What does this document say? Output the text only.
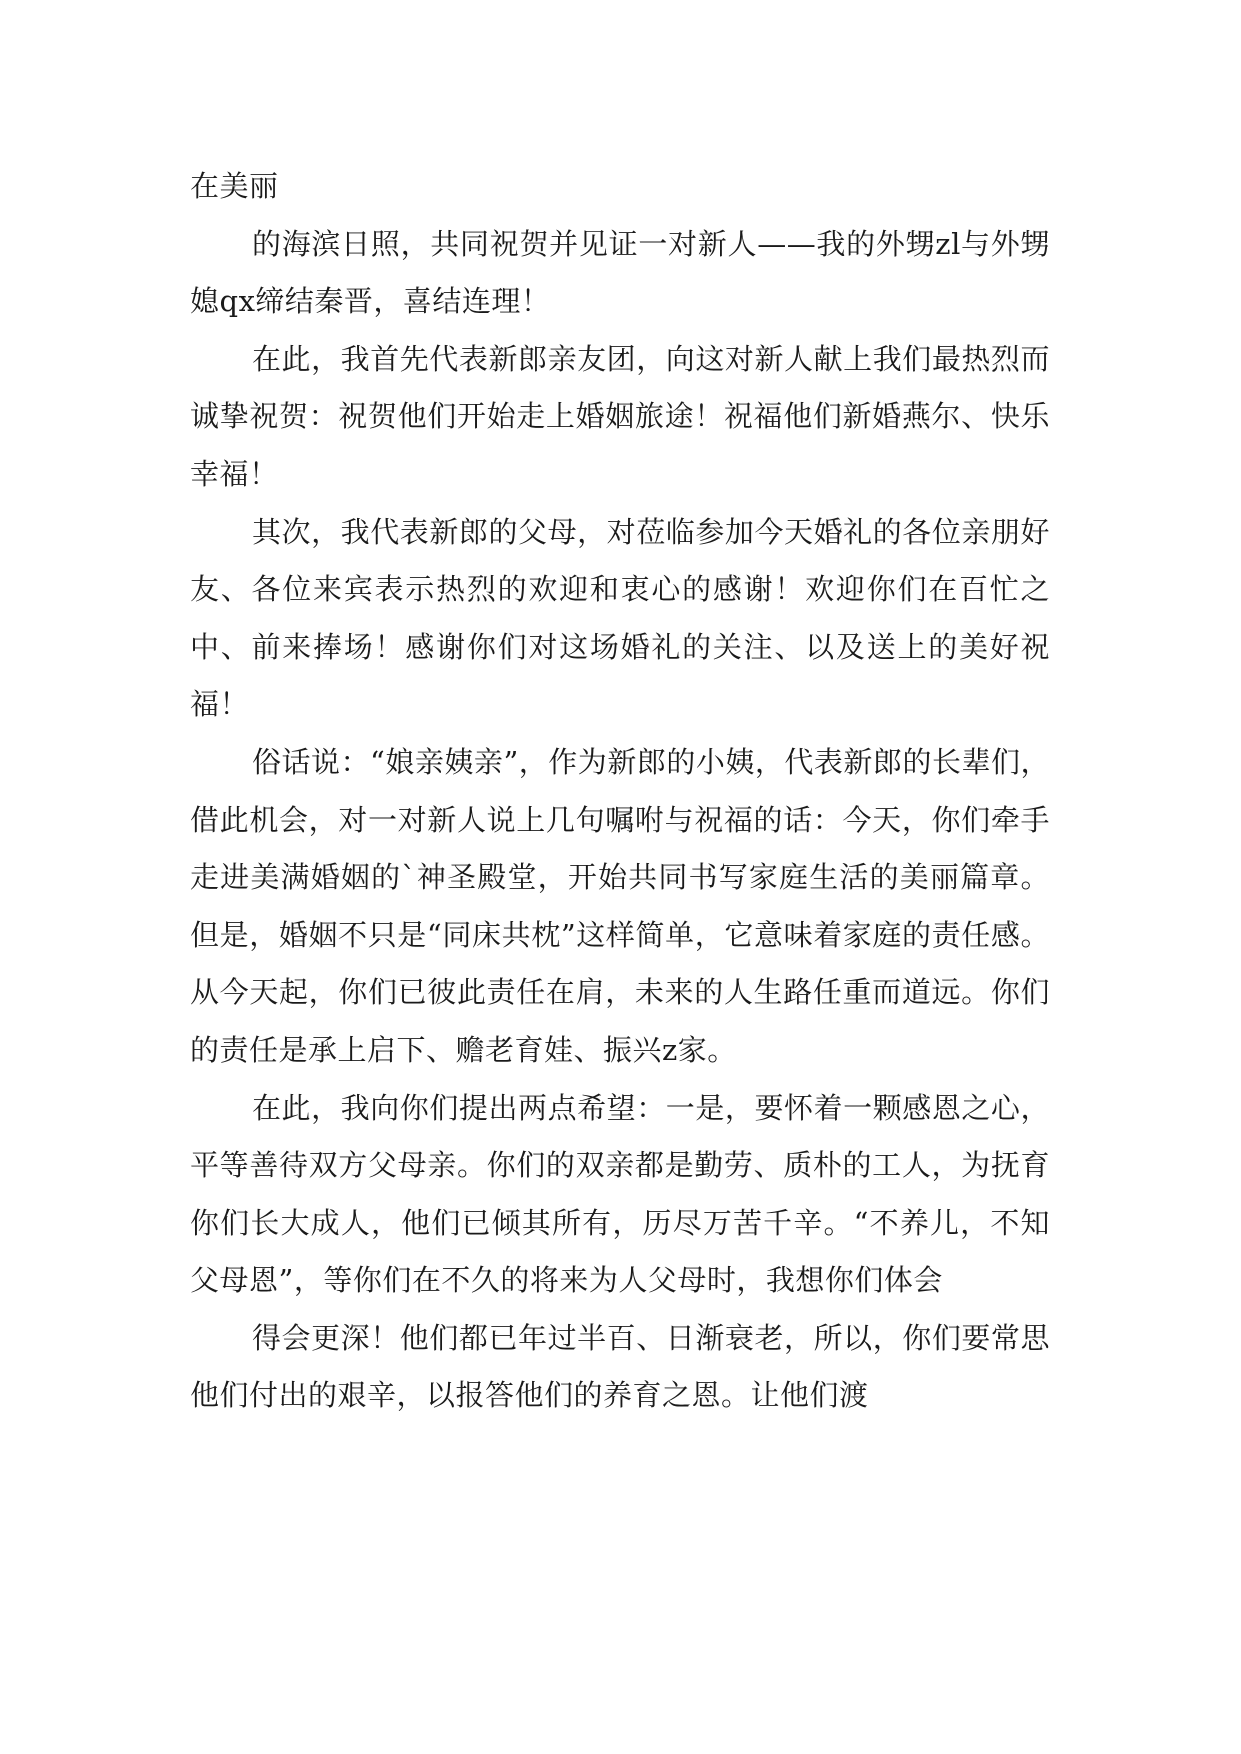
在美丽

的海滨日照，共同祝贺并见证一对新人——我的外甥zl与外甥媳qx缔结秦晋，喜结连理！

在此，我首先代表新郎亲友团，向这对新人献上我们最热烈而诚挚祝贺：祝贺他们开始走上婚姻旅途！祝福他们新婚燕尔、快乐幸福！

其次，我代表新郎的父母，对莅临参加今天婚礼的各位亲朋好友、各位来宾表示热烈的欢迎和衷心的感谢！欢迎你们在百忙之中、前来捧场！感谢你们对这场婚礼的关注、以及送上的美好祝福！

俗话说：“娘亲姨亲”，作为新郎的小姨，代表新郎的长辈们，借此机会，对一对新人说上几句嘱咐与祝福的话：今天，你们牵手走进美满婚姻的`神圣殿堂，开始共同书写家庭生活的美丽篇章。但是，婚姻不只是“同床共枕”这样简单，它意味着家庭的责任感。从今天起，你们已彼此责任在肩，未来的人生路任重而道远。你们的责任是承上启下、赡老育娃、振兴z家。

在此，我向你们提出两点希望：一是，要怀着一颗感恩之心，平等善待双方父母亲。你们的双亲都是勤劳、质朴的工人，为抚育你们长大成人，他们已倾其所有，历尽万苦千辛。“不养儿，不知父母恩”，等你们在不久的将来为人父母时，我想你们体会

得会更深！他们都已年过半百、日渐衰老，所以，你们要常思他们付出的艰辛，以报答他们的养育之恩。让他们渡
